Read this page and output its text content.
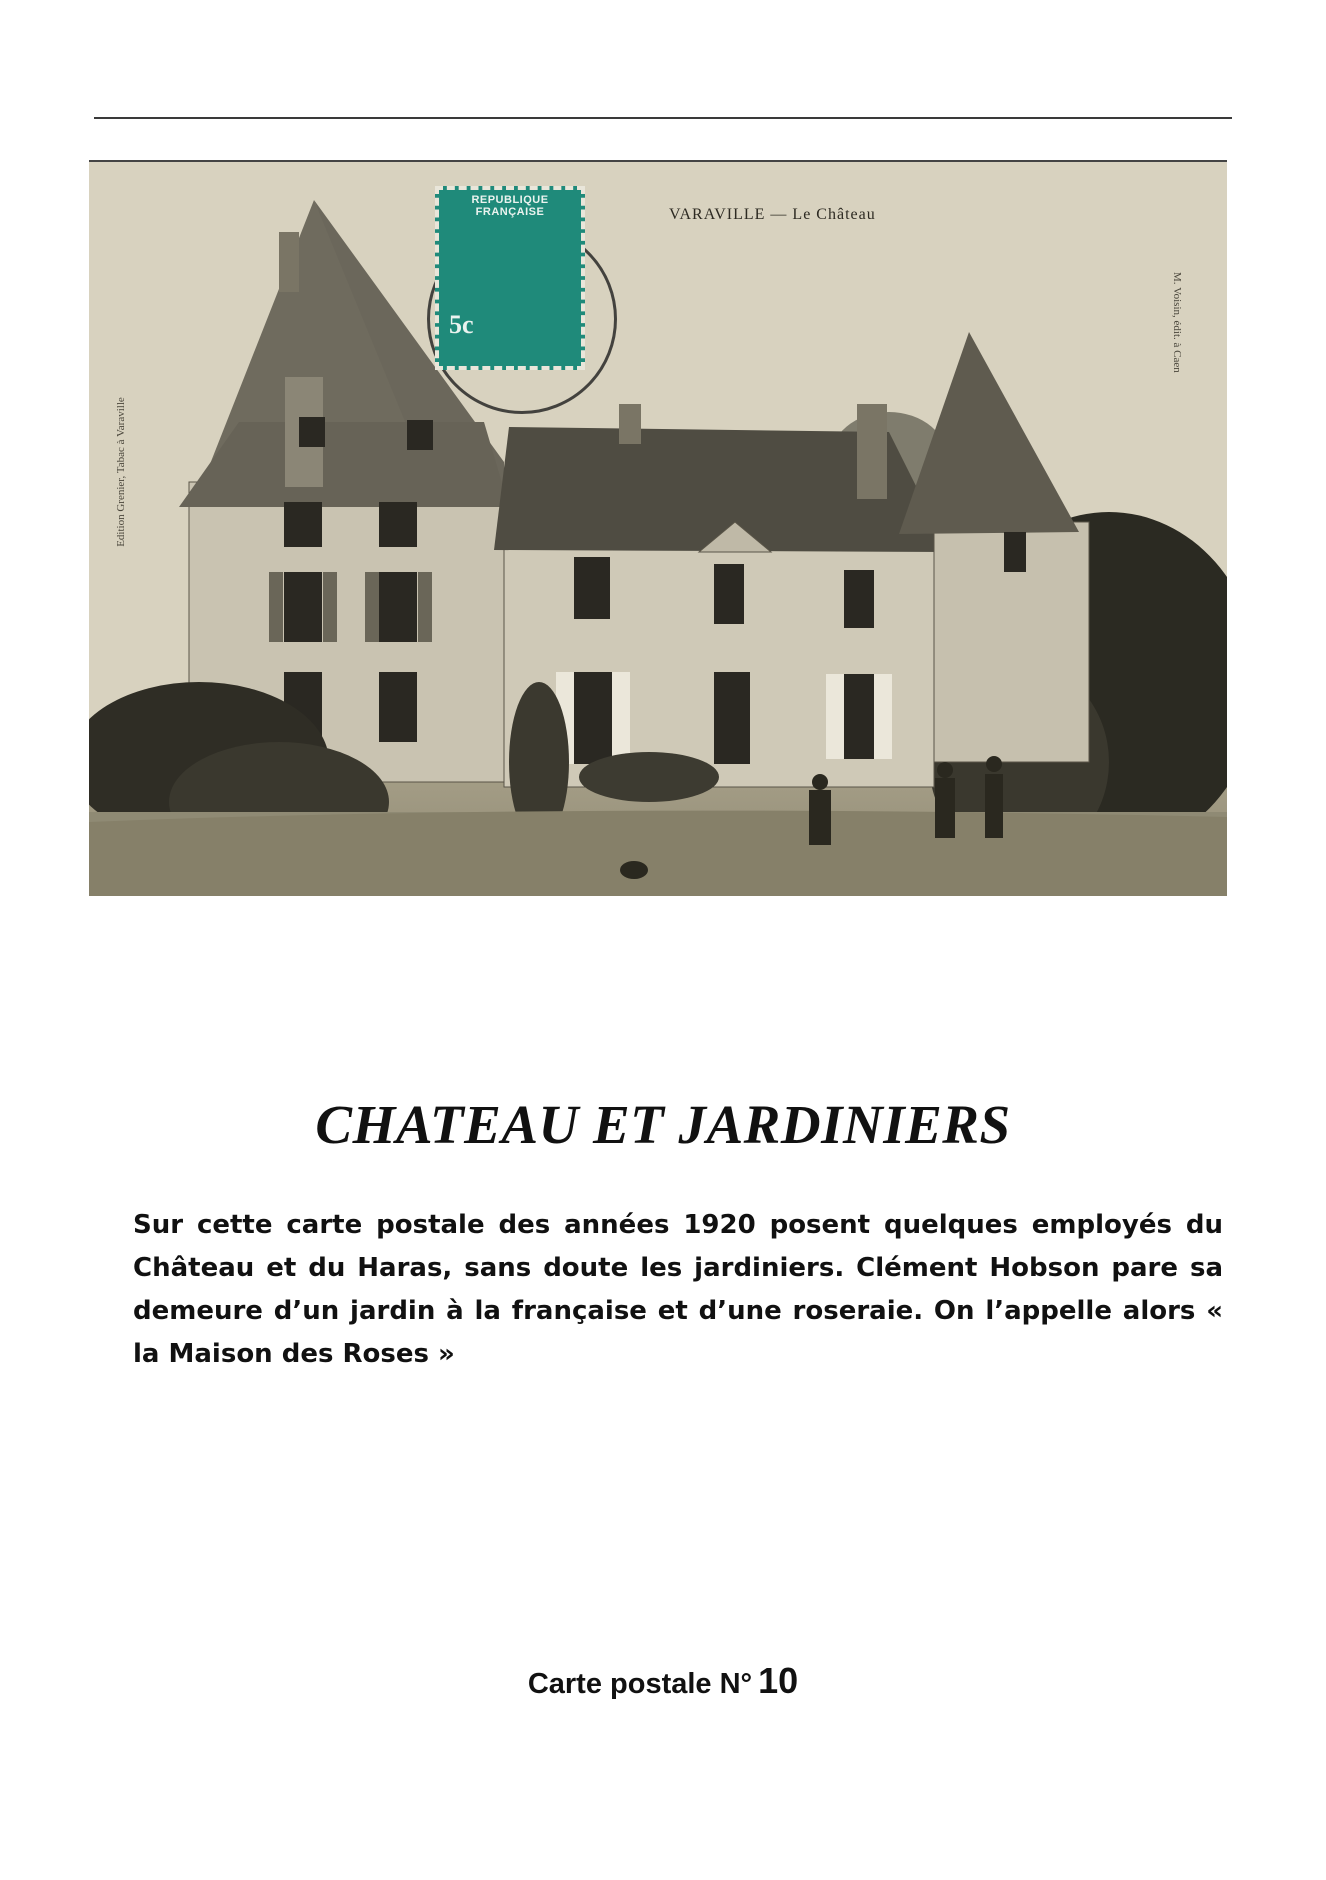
REPUBLIQUE FRANÇAISE
5c
VARAVILLE — Le Château
Edition Grenier, Tabac à Varaville
M. Voisin, édit. à Caen
CHATEAU ET JARDINIERS
Sur cette carte postale des années 1920 posent quelques employés du Château et du Haras, sans doute les jardiniers. Clément Hobson pare sa demeure d’un jardin à la française et d’une roseraie. On l’appelle alors « la Maison des Roses »
Carte postale N° 10
